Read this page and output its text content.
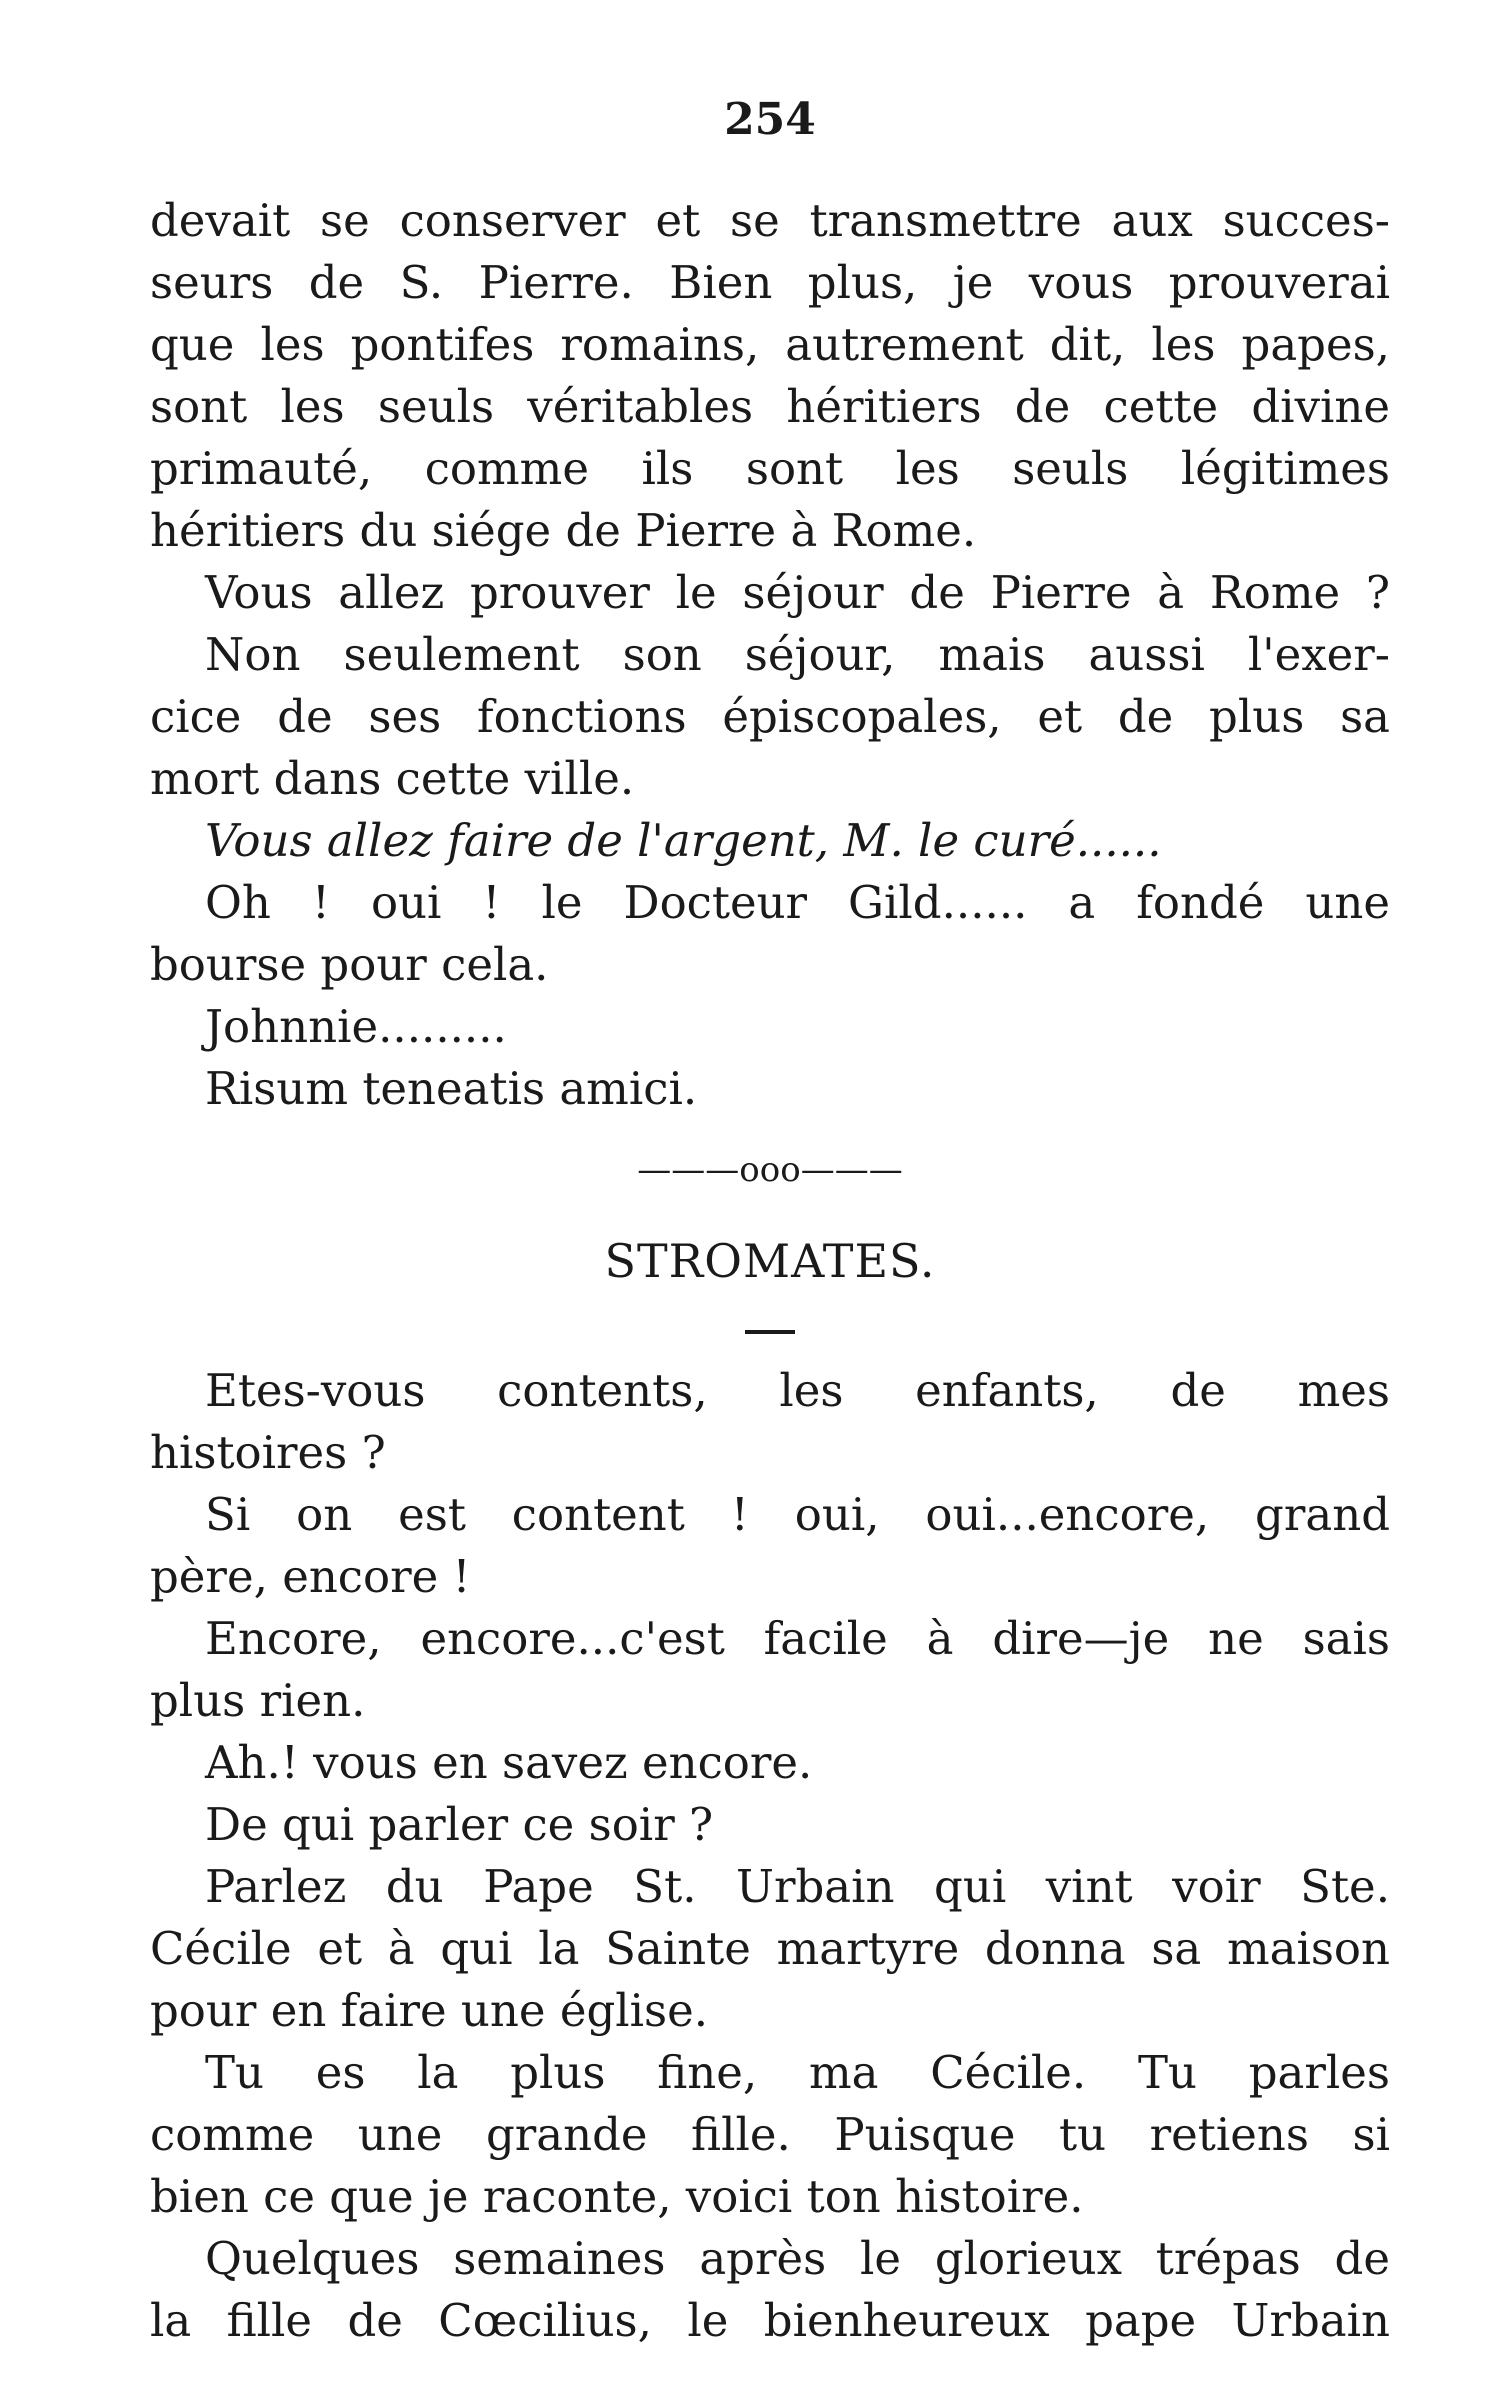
254
devait se conserver et se transmettre aux succes-
seurs de S. Pierre. Bien plus, je vous prouverai
que les pontifes romains, autrement dit, les papes,
sont les seuls véritables héritiers de cette divine
primauté, comme ils sont les seuls légitimes
héritiers du siége de Pierre à Rome.
Vous allez prouver le séjour de Pierre à Rome ?
Non seulement son séjour, mais aussi l'exer-
cice de ses fonctions épiscopales, et de plus sa
mort dans cette ville.
Vous allez faire de l'argent, M. le curé......
Oh ! oui ! le Docteur Gild...... a fondé une
bourse pour cela.
Johnnie.........
Risum teneatis amici.
———ooo———
STROMATES.
Etes-vous contents, les enfants, de mes
histoires ?
Si on est content ! oui, oui...encore, grand
père, encore !
Encore, encore...c'est facile à dire—je ne sais
plus rien.
Ah.! vous en savez encore.
De qui parler ce soir ?
Parlez du Pape St. Urbain qui vint voir Ste.
Cécile et à qui la Sainte martyre donna sa maison
pour en faire une église.
Tu es la plus fine, ma Cécile. Tu parles
comme une grande fille. Puisque tu retiens si
bien ce que je raconte, voici ton histoire.
Quelques semaines après le glorieux trépas de
la fille de Cœcilius, le bienheureux pape Urbain
